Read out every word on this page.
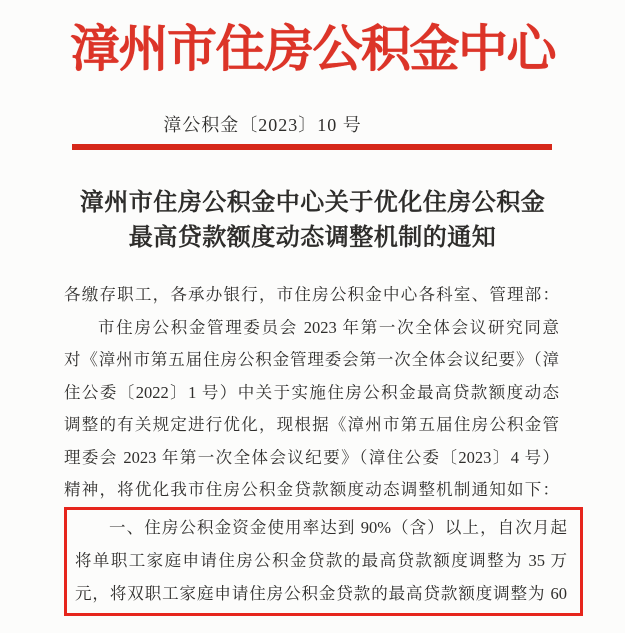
漳州市住房公积金中心
漳公积金〔2023〕10 号
漳州市住房公积金中心关于优化住房公积金
最高贷款额度动态调整机制的通知
各缴存职工，各承办银行，市住房公积金中心各科室、管理部：
市住房公积金管理委员会 2023 年第一次全体会议研究同意
对《漳州市第五届住房公积金管理委会第一次全体会议纪要》（漳
住公委〔2022〕1 号）中关于实施住房公积金最高贷款额度动态
调整的有关规定进行优化，现根据《漳州市第五届住房公积金管
理委会 2023 年第一次全体会议纪要》（漳住公委〔2023〕4 号）
精神，将优化我市住房公积金贷款额度动态调整机制通知如下：
一、住房公积金资金使用率达到 90%（含）以上，自次月起
将单职工家庭申请住房公积金贷款的最高贷款额度调整为 35 万
元，将双职工家庭申请住房公积金贷款的最高贷款额度调整为 60
